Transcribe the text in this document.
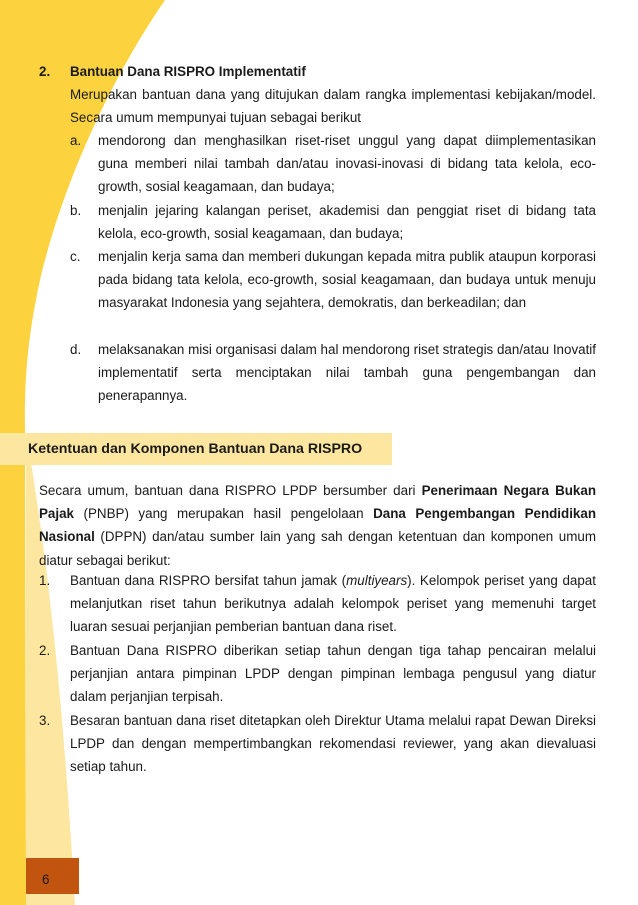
2. Bantuan Dana RISPRO Implementatif
Merupakan bantuan dana yang ditujukan dalam rangka implementasi kebijakan/model. Secara umum mempunyai tujuan sebagai berikut
a. mendorong dan menghasilkan riset-riset unggul yang dapat diimplementasikan guna memberi nilai tambah dan/atau inovasi-inovasi di bidang tata kelola, eco-growth, sosial keagamaan, dan budaya;
b. menjalin jejaring kalangan periset, akademisi dan penggiat riset di bidang tata kelola, eco-growth, sosial keagamaan, dan budaya;
c. menjalin kerja sama dan memberi dukungan kepada mitra publik ataupun korporasi pada bidang tata kelola, eco-growth, sosial keagamaan, dan budaya untuk menuju masyarakat Indonesia yang sejahtera, demokratis, dan berkeadilan; dan
d. melaksanakan misi organisasi dalam hal mendorong riset strategis dan/atau Inovatif implementatif serta menciptakan nilai tambah guna pengembangan dan penerapannya.
Ketentuan dan Komponen Bantuan Dana RISPRO
Secara umum, bantuan dana RISPRO LPDP bersumber dari Penerimaan Negara Bukan Pajak (PNBP) yang merupakan hasil pengelolaan Dana Pengembangan Pendidikan Nasional (DPPN) dan/atau sumber lain yang sah dengan ketentuan dan komponen umum diatur sebagai berikut:
1. Bantuan dana RISPRO bersifat tahun jamak (multiyears). Kelompok periset yang dapat melanjutkan riset tahun berikutnya adalah kelompok periset yang memenuhi target luaran sesuai perjanjian pemberian bantuan dana riset.
2. Bantuan Dana RISPRO diberikan setiap tahun dengan tiga tahap pencairan melalui perjanjian antara pimpinan LPDP dengan pimpinan lembaga pengusul yang diatur dalam perjanjian terpisah.
3. Besaran bantuan dana riset ditetapkan oleh Direktur Utama melalui rapat Dewan Direksi LPDP dan dengan mempertimbangkan rekomendasi reviewer, yang akan dievaluasi setiap tahun.
6
